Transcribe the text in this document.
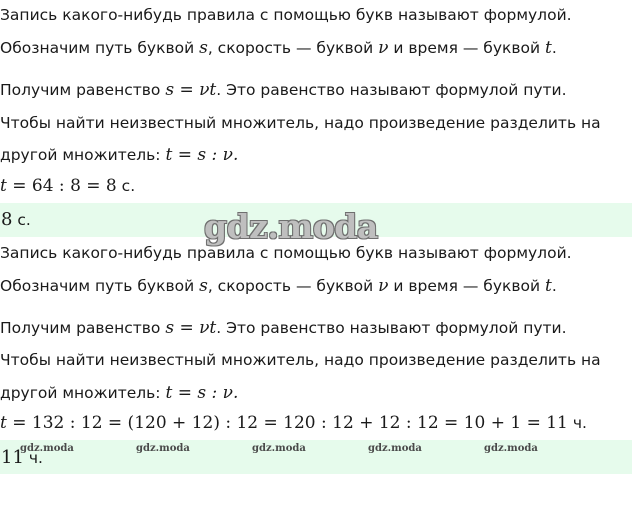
Запись какого-нибудь правила с помощью букв называют формулой.
Обозначим путь буквой s, скорость — буквой ν и время — буквой t.
Получим равенство s = νt. Это равенство называют формулой пути.
Чтобы найти неизвестный множитель, надо произведение разделить на
другой множитель: t = s : ν.
t = 64 : 8 = 8 с.
8 с.	gdz.moda
Запись какого-нибудь правила с помощью букв называют формулой.
Обозначим путь буквой s, скорость — буквой ν и время — буквой t.
Получим равенство s = νt. Это равенство называют формулой пути.
Чтобы найти неизвестный множитель, надо произведение разделить на
другой множитель: t = s : ν.
t = 132 : 12 = (120 + 12) : 12 = 120 : 12 + 12 : 12 = 10 + 1 = 11 ч.
11 ч.
gdz.moda	gdz.moda	gdz.moda	gdz.moda	gdz.moda
